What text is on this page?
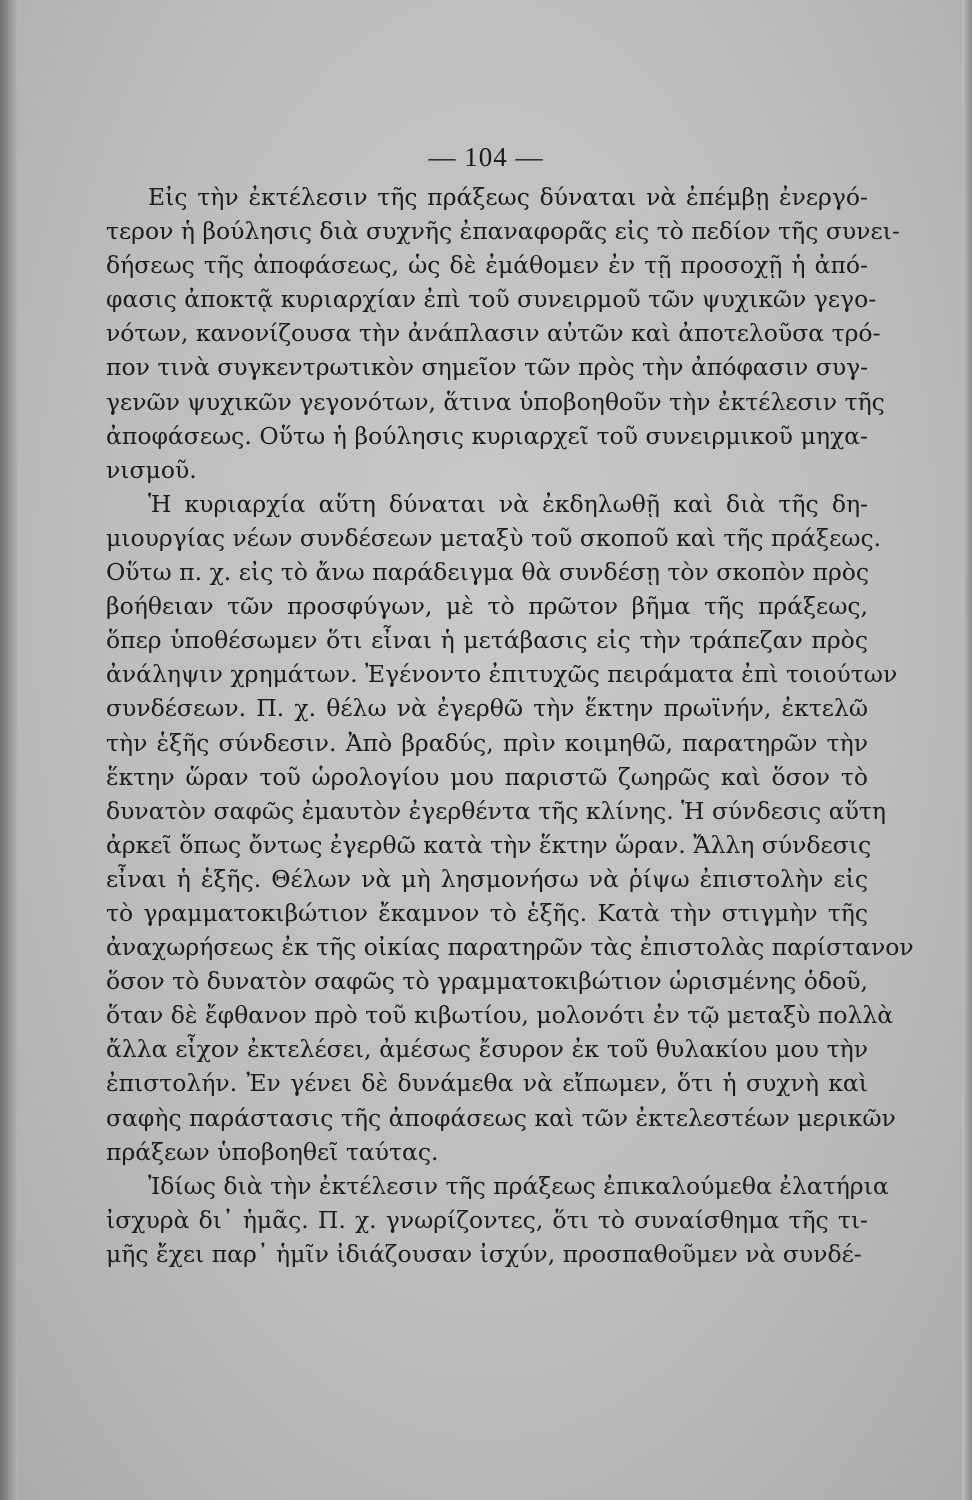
— 104 —
Εἰς τὴν ἐκτέλεσιν τῆς πράξεως δύναται νὰ ἐπέμβῃ ἐνεργό-
τερον ἡ βούλησις διὰ συχνῆς ἐπαναφορᾶς εἰς τὸ πεδίον τῆς συνει-
δήσεως τῆς ἀποφάσεως, ὡς δὲ ἐμάθομεν ἐν τῇ προσοχῇ ἡ ἀπό-
φασις ἀποκτᾷ κυριαρχίαν ἐπὶ τοῦ συνειρμοῦ τῶν ψυχικῶν γεγο-
νότων, κανονίζουσα τὴν ἀνάπλασιν αὐτῶν καὶ ἀποτελοῦσα τρό-
πον τινὰ συγκεντρωτικὸν σημεῖον τῶν πρὸς τὴν ἀπόφασιν συγ-
γενῶν ψυχικῶν γεγονότων, ἅτινα ὑποβοηθοῦν τὴν ἐκτέλεσιν τῆς
ἀποφάσεως. Οὕτω ἡ βούλησις κυριαρχεῖ τοῦ συνειρμικοῦ μηχα-
νισμοῦ.
Ἡ κυριαρχία αὕτη δύναται νὰ ἐκδηλωθῇ καὶ διὰ τῆς δη-
μιουργίας νέων συνδέσεων μεταξὺ τοῦ σκοποῦ καὶ τῆς πράξεως.
Οὕτω π. χ. εἰς τὸ ἄνω παράδειγμα θὰ συνδέσῃ τὸν σκοπὸν πρὸς
βοήθειαν τῶν προσφύγων, μὲ τὸ πρῶτον βῆμα τῆς πράξεως,
ὅπερ ὑποθέσωμεν ὅτι εἶναι ἡ μετάβασις εἰς τὴν τράπεζαν πρὸς
ἀνάληψιν χρημάτων. Ἐγένοντο ἐπιτυχῶς πειράματα ἐπὶ τοιούτων
συνδέσεων. Π. χ. θέλω νὰ ἐγερθῶ τὴν ἕκτην πρωϊνήν, ἐκτελῶ
τὴν ἑξῆς σύνδεσιν. Ἀπὸ βραδύς, πρὶν κοιμηθῶ, παρατηρῶν τὴν
ἕκτην ὥραν τοῦ ὡρολογίου μου παριστῶ ζωηρῶς καὶ ὅσον τὸ
δυνατὸν σαφῶς ἐμαυτὸν ἐγερθέντα τῆς κλίνης. Ἡ σύνδεσις αὕτη
ἀρκεῖ ὅπως ὄντως ἐγερθῶ κατὰ τὴν ἕκτην ὥραν. Ἄλλη σύνδεσις
εἶναι ἡ ἑξῆς. Θέλων νὰ μὴ λησμονήσω νὰ ῥίψω ἐπιστολὴν εἰς
τὸ γραμματοκιβώτιον ἔκαμνον τὸ ἑξῆς. Κατὰ τὴν στιγμὴν τῆς
ἀναχωρήσεως ἐκ τῆς οἰκίας παρατηρῶν τὰς ἐπιστολὰς παρίστανον
ὅσον τὸ δυνατὸν σαφῶς τὸ γραμματοκιβώτιον ὡρισμένης ὁδοῦ,
ὅταν δὲ ἔφθανον πρὸ τοῦ κιβωτίου, μολονότι ἐν τῷ μεταξὺ πολλὰ
ἄλλα εἶχον ἐκτελέσει, ἀμέσως ἔσυρον ἐκ τοῦ θυλακίου μου τὴν
ἐπιστολήν. Ἐν γένει δὲ δυνάμεθα νὰ εἴπωμεν, ὅτι ἡ συχνὴ καὶ
σαφὴς παράστασις τῆς ἀποφάσεως καὶ τῶν ἐκτελεστέων μερικῶν
πράξεων ὑποβοηθεῖ ταύτας.
Ἰδίως διὰ τὴν ἐκτέλεσιν τῆς πράξεως ἐπικαλούμεθα ἐλατήρια
ἰσχυρὰ δι᾽ ἡμᾶς. Π. χ. γνωρίζοντες, ὅτι τὸ συναίσθημα τῆς τι-
μῆς ἔχει παρ᾽ ἡμῖν ἰδιάζουσαν ἰσχύν, προσπαθοῦμεν νὰ συνδέ-
